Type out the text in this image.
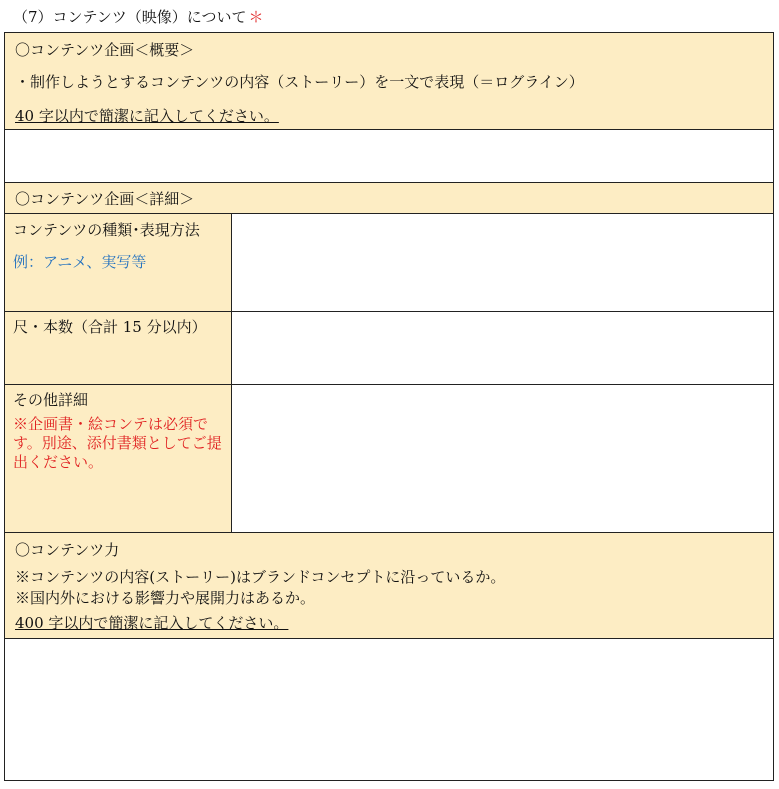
（7）コンテンツ（映像）について ＊
〇コンテンツ企画＜概要＞
・制作しようとするコンテンツの内容（ストーリー）を一文で表現（＝ログライン）
40 字以内で簡潔に記入してください。
〇コンテンツ企画＜詳細＞
コンテンツの種類･表現方法
例：アニメ、実写等
尺・本数（合計 15 分以内）
その他詳細
※企画書・絵コンテは必須です。別途、添付書類としてご提出ください。
〇コンテンツ力
※コンテンツの内容(ストーリー)はブランドコンセプトに沿っているか。
※国内外における影響力や展開力はあるか。
400 字以内で簡潔に記入してください。
